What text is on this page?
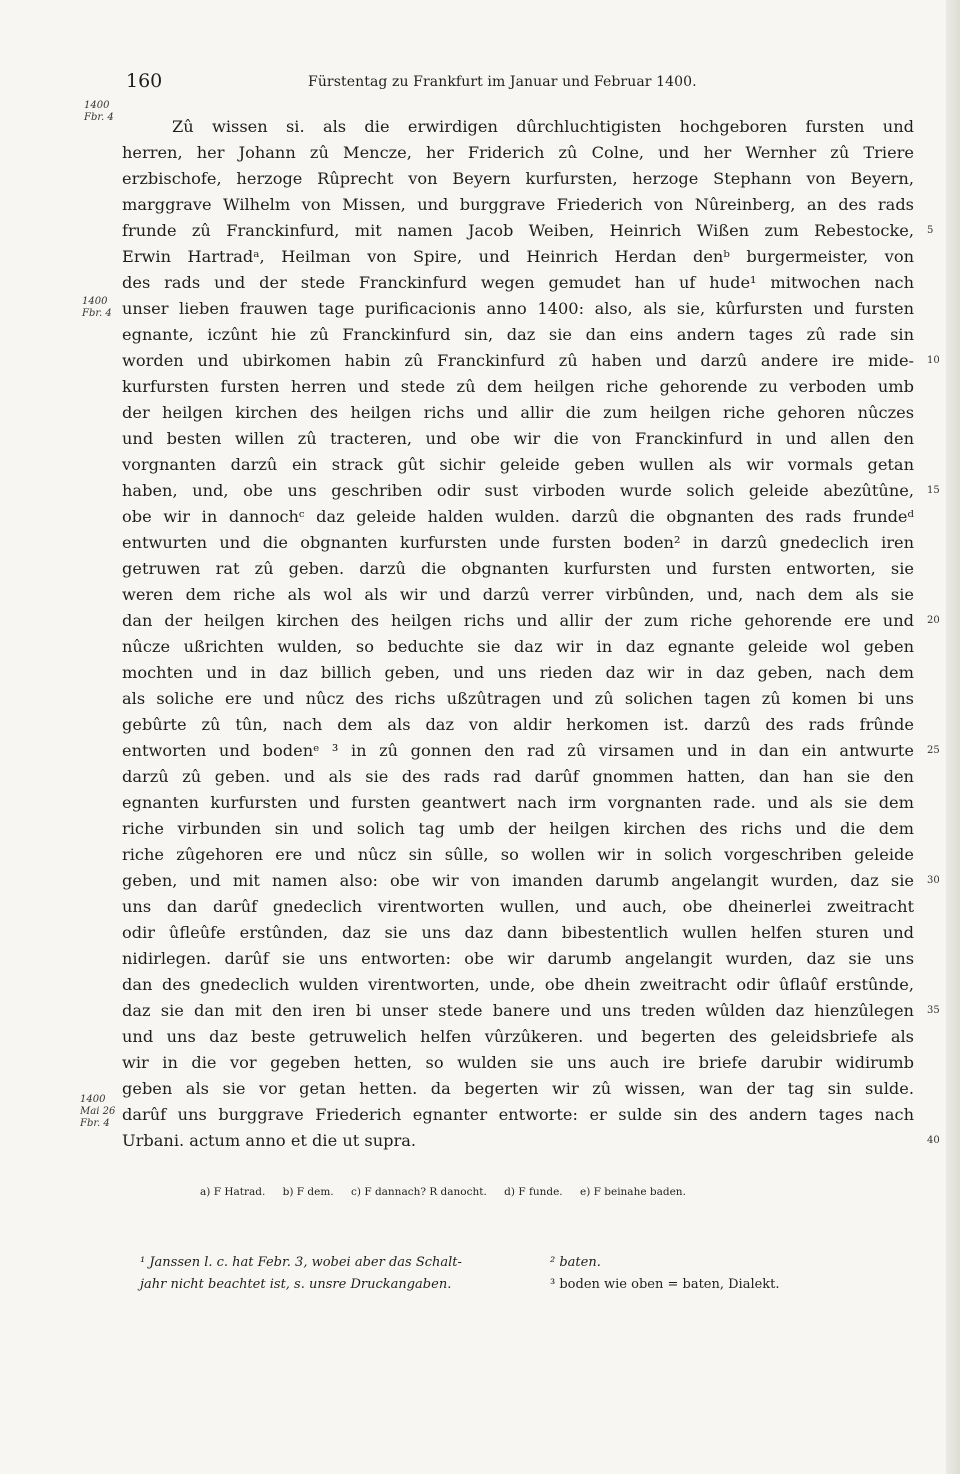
160	Fürstentag zu Frankfurt im Januar und Februar 1400.
1400
Fbr. 4
1400
Fbr. 4
1400
Mai 26
Fbr. 4
Zû wissen si. als die erwirdigen dûrchluchtigisten hochgeboren fursten und
herren, her Johann zû Mencze, her Friderich zû Colne, und her Wernher zû Triere
erzbischofe, herzoge Rûprecht von Beyern kurfursten, herzoge Stephann von Beyern,
marggrave Wilhelm von Missen, und burggrave Friederich von Nûreinberg, an des rads
frunde zû Franckinfurd, mit namen Jacob Weiben, Heinrich Wißen zum Rebestocke,
Erwin Hartradᵃ, Heilman von Spire, und Heinrich Herdan denᵇ burgermeister, von
des rads und der stede Franckinfurd wegen gemudet han uf hude¹ mitwochen nach
unser lieben frauwen tage purificacionis anno 1400: also, als sie, kûrfursten und fursten
egnante, iczûnt hie zû Franckinfurd sin, daz sie dan eins andern tages zû rade sin
worden und ubirkomen habin zû Franckinfurd zû haben und darzû andere ire mide-
kurfursten fursten herren und stede zû dem heilgen riche gehorende zu verboden umb
der heilgen kirchen des heilgen richs und allir die zum heilgen riche gehoren nûczes
und besten willen zû tracteren, und obe wir die von Franckinfurd in und allen den
vorgnanten darzû ein strack gût sichir geleide geben wullen als wir vormals getan
haben, und, obe uns geschriben odir sust virboden wurde solich geleide abezûtûne,
obe wir in dannochᶜ daz geleide halden wulden. darzû die obgnanten des rads frundeᵈ
entwurten und die obgnanten kurfursten unde fursten boden² in darzû gnedeclich iren
getruwen rat zû geben. darzû die obgnanten kurfursten und fursten entworten, sie
weren dem riche als wol als wir und darzû verrer virbûnden, und, nach dem als sie
dan der heilgen kirchen des heilgen richs und allir der zum riche gehorende ere und
nûcze ußrichten wulden, so beduchte sie daz wir in daz egnante geleide wol geben
mochten und in daz billich geben, und uns rieden daz wir in daz geben, nach dem
als soliche ere und nûcz des richs ußzûtragen und zû solichen tagen zû komen bi uns
gebûrte zû tûn, nach dem als daz von aldir herkomen ist. darzû des rads frûnde
entworten und bodenᵉ ³ in zû gonnen den rad zû virsamen und in dan ein antwurte
darzû zû geben. und als sie des rads rad darûf gnommen hatten, dan han sie den
egnanten kurfursten und fursten geantwert nach irm vorgnanten rade. und als sie dem
riche virbunden sin und solich tag umb der heilgen kirchen des richs und die dem
riche zûgehoren ere und nûcz sin sûlle, so wollen wir in solich vorgeschriben geleide
geben, und mit namen also: obe wir von imanden darumb angelangit wurden, daz sie
uns dan darûf gnedeclich virentworten wullen, und auch, obe dheinerlei zweitracht
odir ûfleûfe erstûnden, daz sie uns daz dann bibestentlich wullen helfen sturen und
nidirlegen. darûf sie uns entworten: obe wir darumb angelangit wurden, daz sie uns
dan des gnedeclich wulden virentworten, unde, obe dhein zweitracht odir ûflaûf erstûnde,
daz sie dan mit den iren bi unser stede banere und uns treden wûlden daz hienzûlegen
und uns daz beste getruwelich helfen vûrzûkeren. und begerten des geleidsbriefe als
wir in die vor gegeben hetten, so wulden sie uns auch ire briefe darubir widirumb
geben als sie vor getan hetten. da begerten wir zû wissen, wan der tag sin sulde.
darûf uns burggrave Friederich egnanter entworte: er sulde sin des andern tages nach
Urbani. actum anno et die ut supra.
5
10
15
20
25
30
35
40
a) F Hatrad. b) F dem. c) F dannach? R danocht. d) F funde. e) F beinahe baden.
¹ Janssen l. c. hat Febr. 3, wobei aber das Schalt-
jahr nicht beachtet ist, s. unsre Druckangaben.
² baten.
³ boden wie oben = baten, Dialekt.
